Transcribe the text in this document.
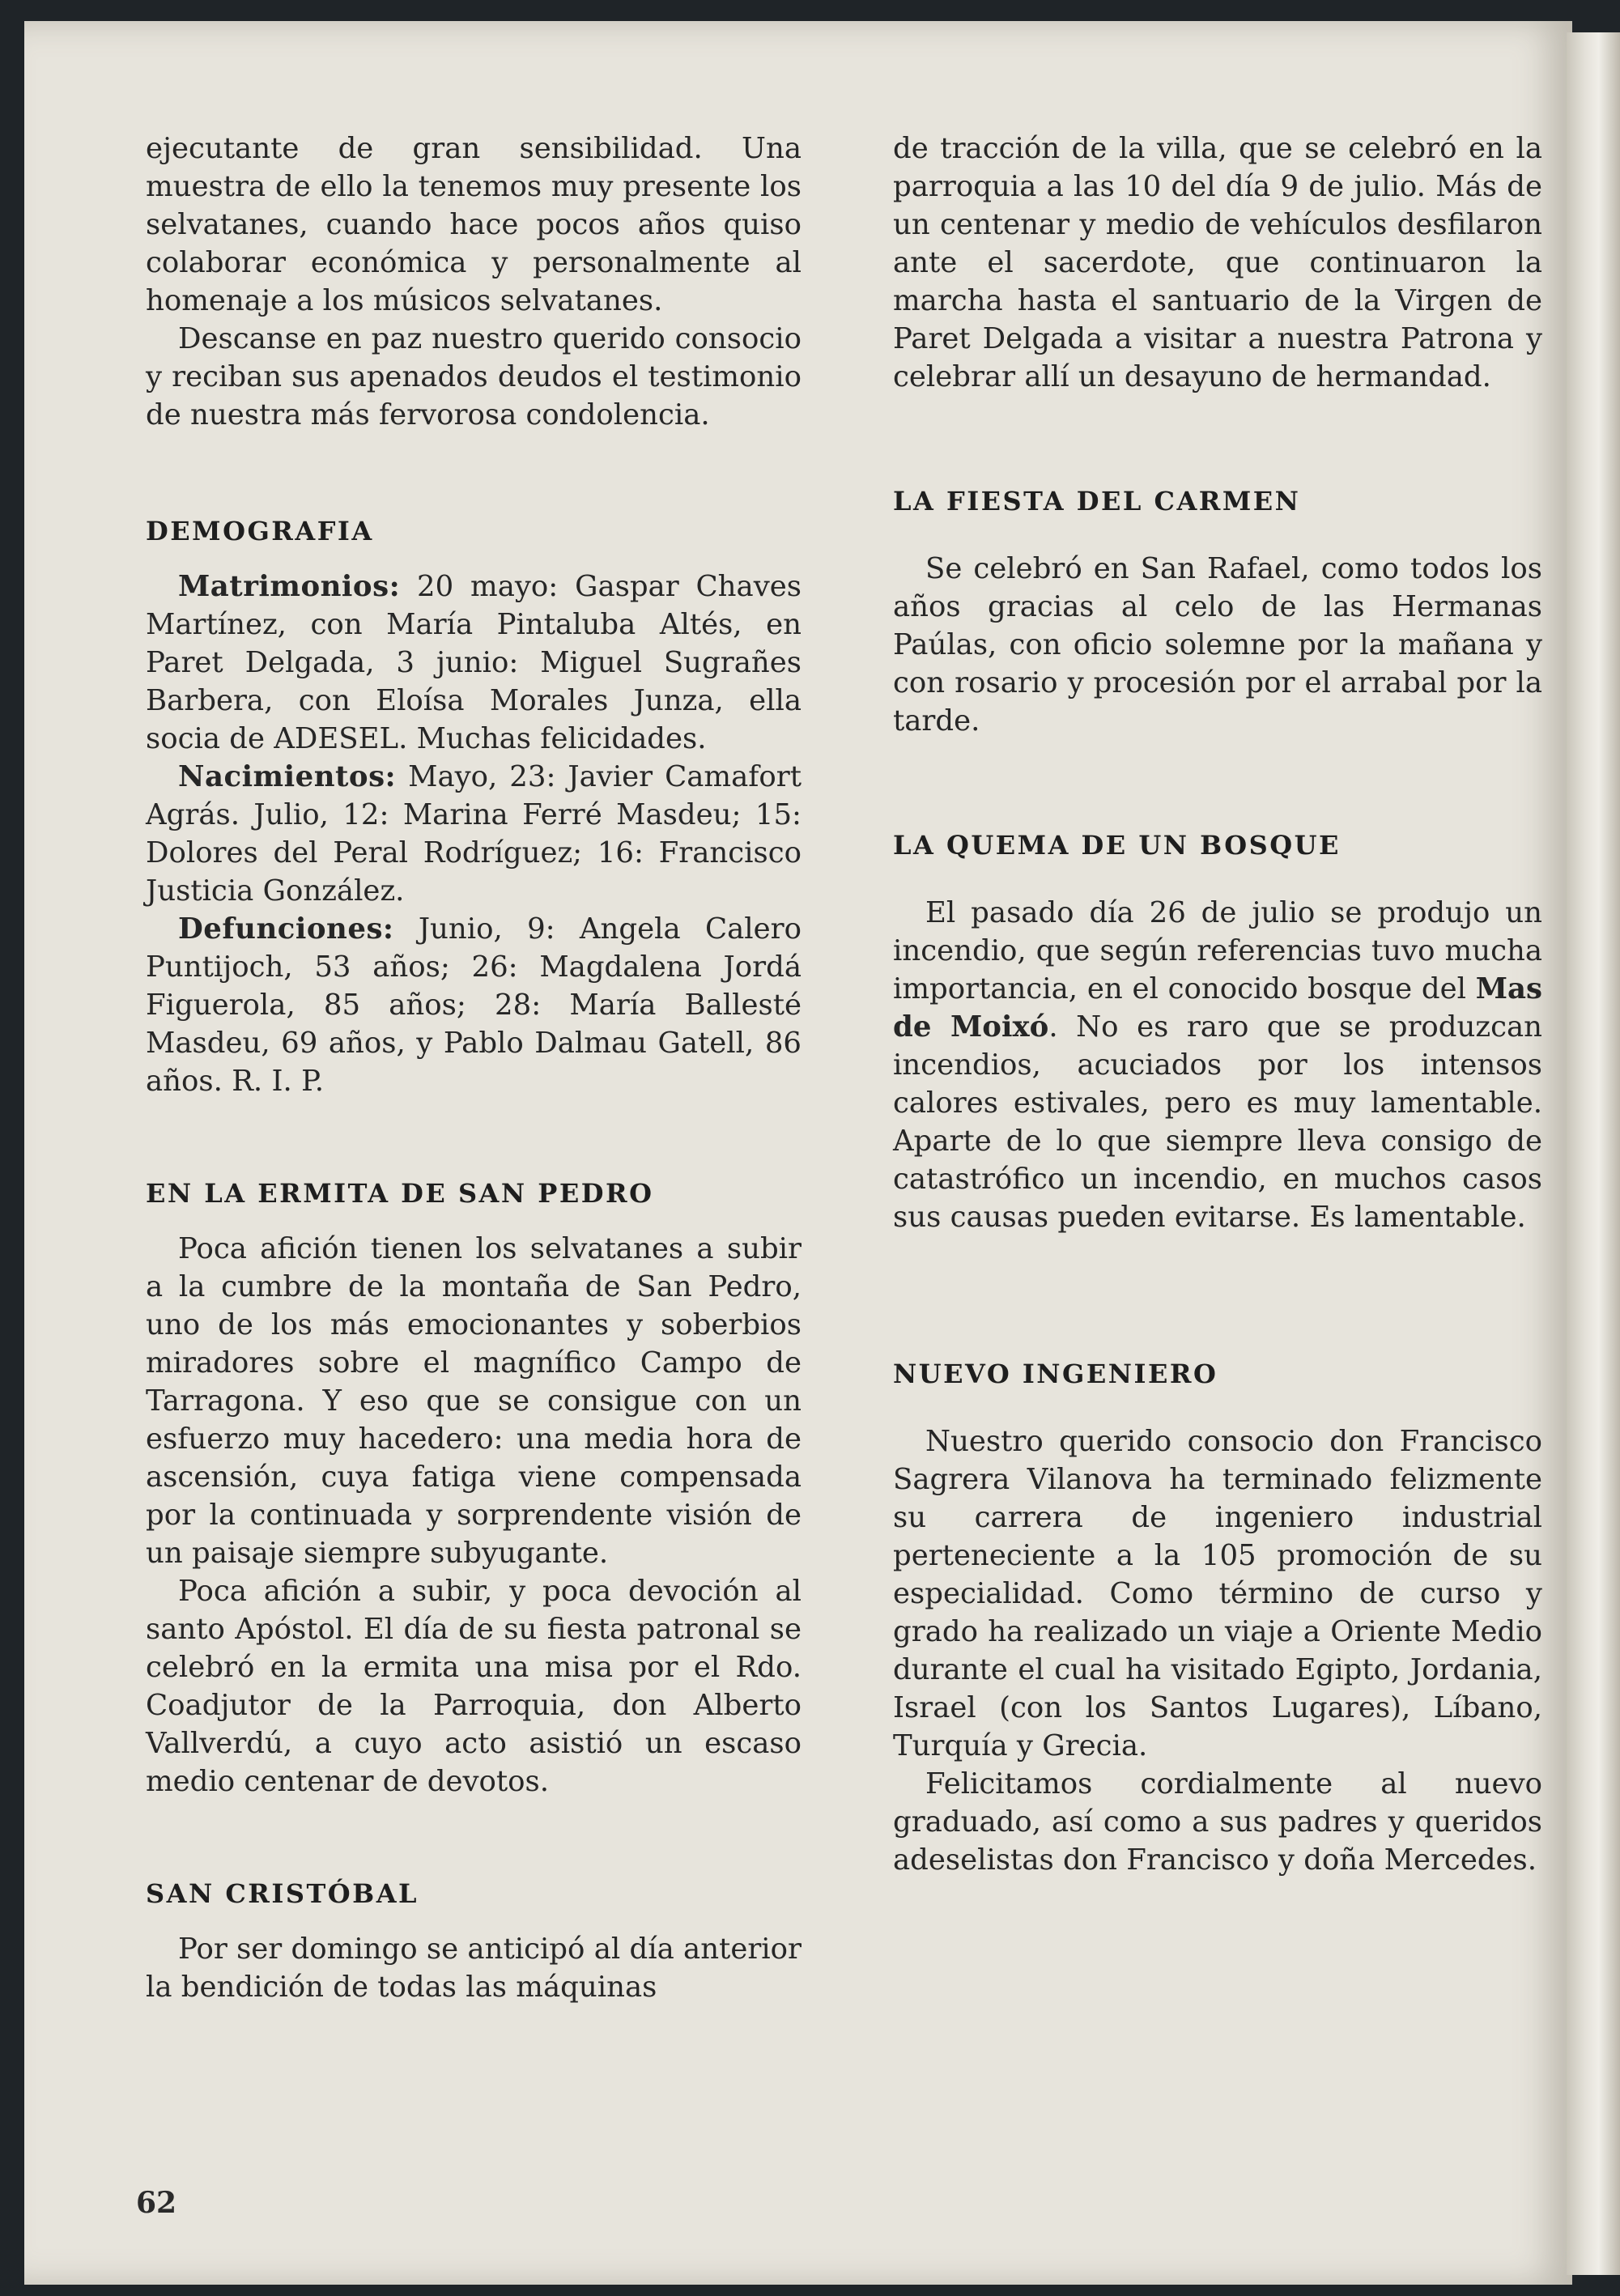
ejecutante de gran sensibilidad. Una muestra de ello la tenemos muy presente los selvatanes, cuando hace pocos años quiso colaborar económica y personalmente al homenaje a los músicos selvatanes.

Descanse en paz nuestro querido consocio y reciban sus apenados deudos el testimonio de nuestra más fervorosa condolencia.

DEMOGRAFIA

Matrimonios: 20 mayo: Gaspar Chaves Martínez, con María Pintaluba Altés, en Paret Delgada, 3 junio: Miguel Sugrañes Barbera, con Eloísa Morales Junza, ella socia de ADESEL. Muchas felicidades.

Nacimientos: Mayo, 23: Javier Camafort Agrás. Julio, 12: Marina Ferré Masdeu; 15: Dolores del Peral Rodríguez; 16: Francisco Justicia González.

Defunciones: Junio, 9: Angela Calero Puntijoch, 53 años; 26: Magdalena Jordá Figuerola, 85 años; 28: María Ballesté Masdeu, 69 años, y Pablo Dalmau Gatell, 86 años. R. I. P.

EN LA ERMITA DE SAN PEDRO

Poca afición tienen los selvatanes a subir a la cumbre de la montaña de San Pedro, uno de los más emocionantes y soberbios miradores sobre el magnífico Campo de Tarragona. Y eso que se consigue con un esfuerzo muy hacedero: una media hora de ascensión, cuya fatiga viene compensada por la continuada y sorprendente visión de un paisaje siempre subyugante.

Poca afición a subir, y poca devoción al santo Apóstol. El día de su fiesta patronal se celebró en la ermita una misa por el Rdo. Coadjutor de la Parroquia, don Alberto Vallverdú, a cuyo acto asistió un escaso medio centenar de devotos.

SAN CRISTÓBAL

Por ser domingo se anticipó al día anterior la bendición de todas las máquinas

de tracción de la villa, que se celebró en la parroquia a las 10 del día 9 de julio. Más de un centenar y medio de vehículos desfilaron ante el sacerdote, que continuaron la marcha hasta el santuario de la Virgen de Paret Delgada a visitar a nuestra Patrona y celebrar allí un desayuno de hermandad.

LA FIESTA DEL CARMEN

Se celebró en San Rafael, como todos los años gracias al celo de las Hermanas Paúlas, con oficio solemne por la mañana y con rosario y procesión por el arrabal por la tarde.

LA QUEMA DE UN BOSQUE

El pasado día 26 de julio se produjo un incendio, que según referencias tuvo mucha importancia, en el conocido bosque del Mas de Moixó. No es raro que se produzcan incendios, acuciados por los intensos calores estivales, pero es muy lamentable. Aparte de lo que siempre lleva consigo de catastrófico un incendio, en muchos casos sus causas pueden evitarse. Es lamentable.

NUEVO INGENIERO

Nuestro querido consocio don Francisco Sagrera Vilanova ha terminado felizmente su carrera de ingeniero industrial perteneciente a la 105 promoción de su especialidad. Como término de curso y grado ha realizado un viaje a Oriente Medio durante el cual ha visitado Egipto, Jordania, Israel (con los Santos Lugares), Líbano, Turquía y Grecia.

Felicitamos cordialmente al nuevo graduado, así como a sus padres y queridos adeselistas don Francisco y doña Mercedes.

62
